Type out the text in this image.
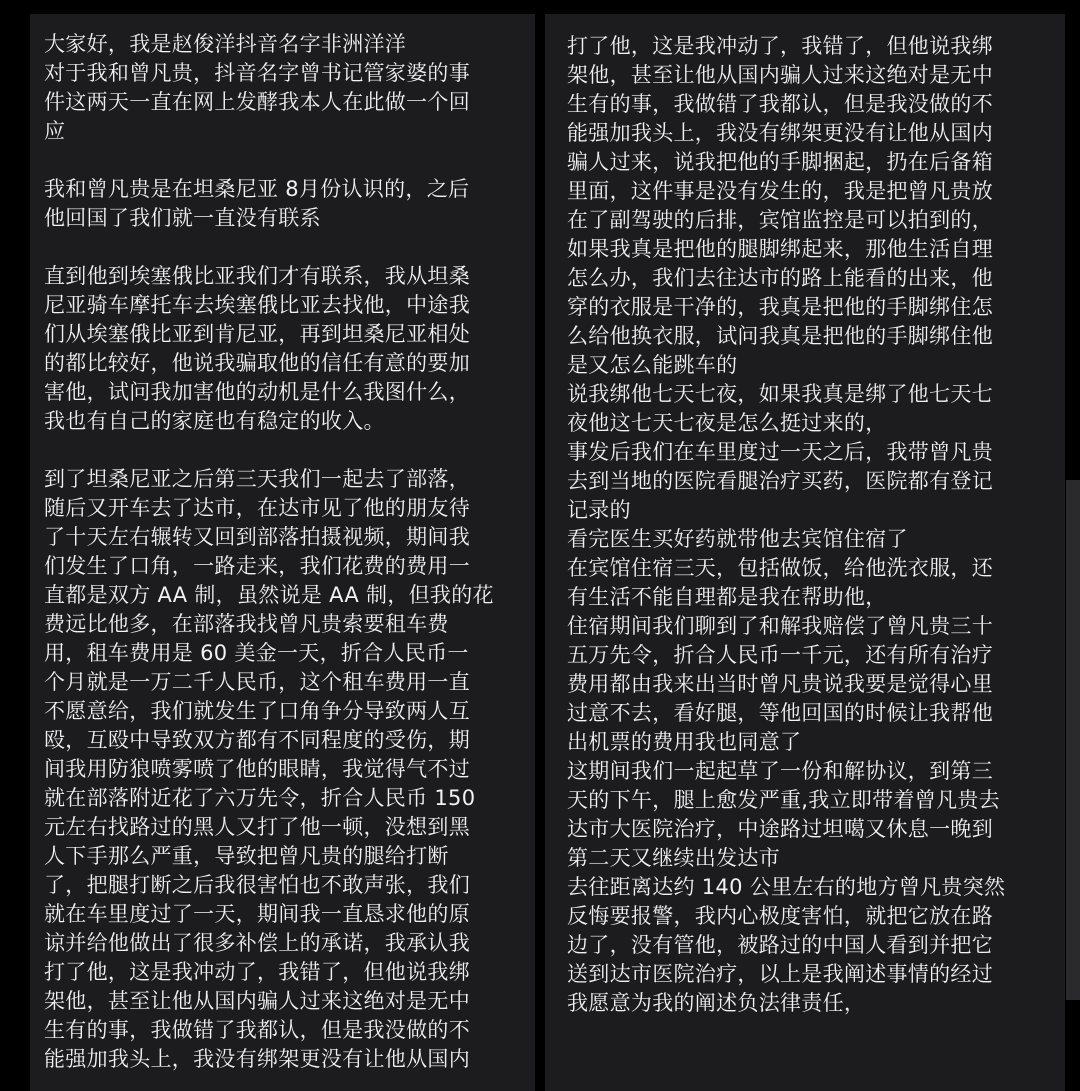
大家好，我是赵俊洋抖音名字非洲洋洋
对于我和曾凡贵，抖音名字曾书记管家婆的事
件这两天一直在网上发酵我本人在此做一个回
应
我和曾凡贵是在坦桑尼亚 8月份认识的，之后
他回国了我们就一直没有联系
直到他到埃塞俄比亚我们才有联系，我从坦桑
尼亚骑车摩托车去埃塞俄比亚去找他，中途我
们从埃塞俄比亚到肯尼亚，再到坦桑尼亚相处
的都比较好，他说我骗取他的信任有意的要加
害他，试问我加害他的动机是什么我图什么，
我也有自己的家庭也有稳定的收入。
到了坦桑尼亚之后第三天我们一起去了部落，
随后又开车去了达市，在达市见了他的朋友待
了十天左右辗转又回到部落拍摄视频，期间我
们发生了口角，一路走来，我们花费的费用一
直都是双方 AA 制，虽然说是 AA 制，但我的花
费远比他多，在部落我找曾凡贵索要租车费
用，租车费用是 60 美金一天，折合人民币一
个月就是一万二千人民币，这个租车费用一直
不愿意给，我们就发生了口角争分导致两人互
殴，互殴中导致双方都有不同程度的受伤，期
间我用防狼喷雾喷了他的眼睛，我觉得气不过
就在部落附近花了六万先令，折合人民币 150
元左右找路过的黑人又打了他一顿，没想到黑
人下手那么严重，导致把曾凡贵的腿给打断
了，把腿打断之后我很害怕也不敢声张，我们
就在车里度过了一天，期间我一直恳求他的原
谅并给他做出了很多补偿上的承诺，我承认我
打了他，这是我冲动了，我错了，但他说我绑
架他，甚至让他从国内骗人过来这绝对是无中
生有的事，我做错了我都认，但是我没做的不
能强加我头上，我没有绑架更没有让他从国内
打了他，这是我冲动了，我错了，但他说我绑
架他，甚至让他从国内骗人过来这绝对是无中
生有的事，我做错了我都认，但是我没做的不
能强加我头上，我没有绑架更没有让他从国内
骗人过来，说我把他的手脚捆起，扔在后备箱
里面，这件事是没有发生的，我是把曾凡贵放
在了副驾驶的后排，宾馆监控是可以拍到的，
如果我真是把他的腿脚绑起来，那他生活自理
怎么办，我们去往达市的路上能看的出来，他
穿的衣服是干净的，我真是把他的手脚绑住怎
么给他换衣服，试问我真是把他的手脚绑住他
是又怎么能跳车的
说我绑他七天七夜，如果我真是绑了他七天七
夜他这七天七夜是怎么挺过来的，
事发后我们在车里度过一天之后，我带曾凡贵
去到当地的医院看腿治疗买药，医院都有登记
记录的
看完医生买好药就带他去宾馆住宿了
在宾馆住宿三天，包括做饭，给他洗衣服，还
有生活不能自理都是我在帮助他，
住宿期间我们聊到了和解我赔偿了曾凡贵三十
五万先令，折合人民币一千元，还有所有治疗
费用都由我来出当时曾凡贵说我要是觉得心里
过意不去，看好腿，等他回国的时候让我帮他
出机票的费用我也同意了
这期间我们一起起草了一份和解协议，到第三
天的下午，腿上愈发严重,我立即带着曾凡贵去
达市大医院治疗，中途路过坦噶又休息一晚到
第二天又继续出发达市
去往距离达约 140 公里左右的地方曾凡贵突然
反悔要报警，我内心极度害怕，就把它放在路
边了，没有管他，被路过的中国人看到并把它
送到达市医院治疗，以上是我阐述事情的经过
我愿意为我的阐述负法律责任，
